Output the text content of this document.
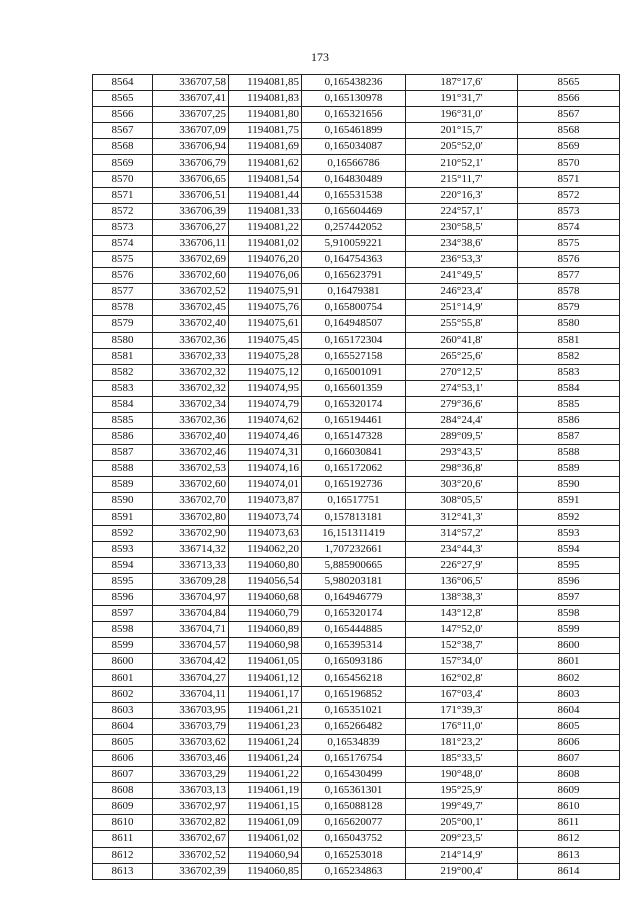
173
8564	336707,58	1194081,85	0,165438236	187°17,6'	8565
8565	336707,41	1194081,83	0,165130978	191°31,7'	8566
8566	336707,25	1194081,80	0,165321656	196°31,0'	8567
8567	336707,09	1194081,75	0,165461899	201°15,7'	8568
8568	336706,94	1194081,69	0,165034087	205°52,0'	8569
8569	336706,79	1194081,62	0,16566786	210°52,1'	8570
8570	336706,65	1194081,54	0,164830489	215°11,7'	8571
8571	336706,51	1194081,44	0,165531538	220°16,3'	8572
8572	336706,39	1194081,33	0,165604469	224°57,1'	8573
8573	336706,27	1194081,22	0,257442052	230°58,5'	8574
8574	336706,11	1194081,02	5,910059221	234°38,6'	8575
8575	336702,69	1194076,20	0,164754363	236°53,3'	8576
8576	336702,60	1194076,06	0,165623791	241°49,5'	8577
8577	336702,52	1194075,91	0,16479381	246°23,4'	8578
8578	336702,45	1194075,76	0,165800754	251°14,9'	8579
8579	336702,40	1194075,61	0,164948507	255°55,8'	8580
8580	336702,36	1194075,45	0,165172304	260°41,8'	8581
8581	336702,33	1194075,28	0,165527158	265°25,6'	8582
8582	336702,32	1194075,12	0,165001091	270°12,5'	8583
8583	336702,32	1194074,95	0,165601359	274°53,1'	8584
8584	336702,34	1194074,79	0,165320174	279°36,6'	8585
8585	336702,36	1194074,62	0,165194461	284°24,4'	8586
8586	336702,40	1194074,46	0,165147328	289°09,5'	8587
8587	336702,46	1194074,31	0,166030841	293°43,5'	8588
8588	336702,53	1194074,16	0,165172062	298°36,8'	8589
8589	336702,60	1194074,01	0,165192736	303°20,6'	8590
8590	336702,70	1194073,87	0,16517751	308°05,5'	8591
8591	336702,80	1194073,74	0,157813181	312°41,3'	8592
8592	336702,90	1194073,63	16,151311419	314°57,2'	8593
8593	336714,32	1194062,20	1,707232661	234°44,3'	8594
8594	336713,33	1194060,80	5,885900665	226°27,9'	8595
8595	336709,28	1194056,54	5,980203181	136°06,5'	8596
8596	336704,97	1194060,68	0,164946779	138°38,3'	8597
8597	336704,84	1194060,79	0,165320174	143°12,8'	8598
8598	336704,71	1194060,89	0,165444885	147°52,0'	8599
8599	336704,57	1194060,98	0,165395314	152°38,7'	8600
8600	336704,42	1194061,05	0,165093186	157°34,0'	8601
8601	336704,27	1194061,12	0,165456218	162°02,8'	8602
8602	336704,11	1194061,17	0,165196852	167°03,4'	8603
8603	336703,95	1194061,21	0,165351021	171°39,3'	8604
8604	336703,79	1194061,23	0,165266482	176°11,0'	8605
8605	336703,62	1194061,24	0,16534839	181°23,2'	8606
8606	336703,46	1194061,24	0,165176754	185°33,5'	8607
8607	336703,29	1194061,22	0,165430499	190°48,0'	8608
8608	336703,13	1194061,19	0,165361301	195°25,9'	8609
8609	336702,97	1194061,15	0,165088128	199°49,7'	8610
8610	336702,82	1194061,09	0,165620077	205°00,1'	8611
8611	336702,67	1194061,02	0,165043752	209°23,5'	8612
8612	336702,52	1194060,94	0,165253018	214°14,9'	8613
8613	336702,39	1194060,85	0,165234863	219°00,4'	8614
